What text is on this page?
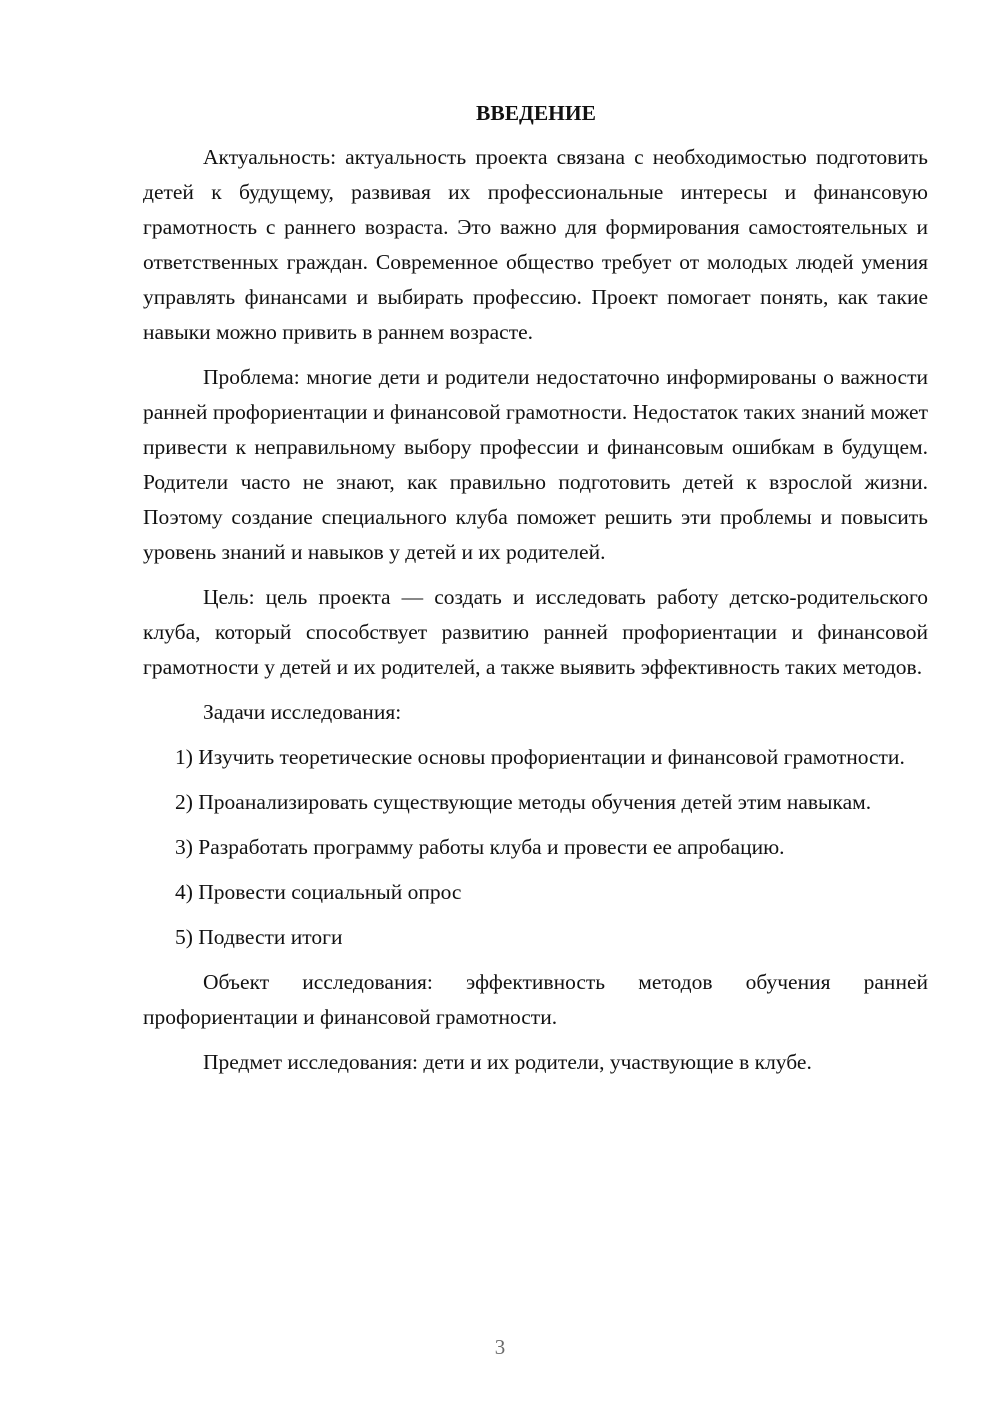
ВВЕДЕНИЕ

Актуальность: актуальность проекта связана с необходимостью подготовить детей к будущему, развивая их профессиональные интересы и финансовую грамотность с раннего возраста. Это важно для формирования самостоятельных и ответственных граждан. Современное общество требует от молодых людей умения управлять финансами и выбирать профессию. Проект помогает понять, как такие навыки можно привить в раннем возрасте.

Проблема: многие дети и родители недостаточно информированы о важности ранней профориентации и финансовой грамотности. Недостаток таких знаний может привести к неправильному выбору профессии и финансовым ошибкам в будущем. Родители часто не знают, как правильно подготовить детей к взрослой жизни. Поэтому создание специального клуба поможет решить эти проблемы и повысить уровень знаний и навыков у детей и их родителей.

Цель: цель проекта — создать и исследовать работу детско-родительского клуба, который способствует развитию ранней профориентации и финансовой грамотности у детей и их родителей, а также выявить эффективность таких методов.

Задачи исследования:

1) Изучить теоретические основы профориентации и финансовой грамотности.

2) Проанализировать существующие методы обучения детей этим навыкам.

3) Разработать программу работы клуба и провести ее апробацию.

4) Провести социальный опрос

5) Подвести итоги

Объект исследования: эффективность методов обучения ранней профориентации и финансовой грамотности.

Предмет исследования: дети и их родители, участвующие в клубе.

3
